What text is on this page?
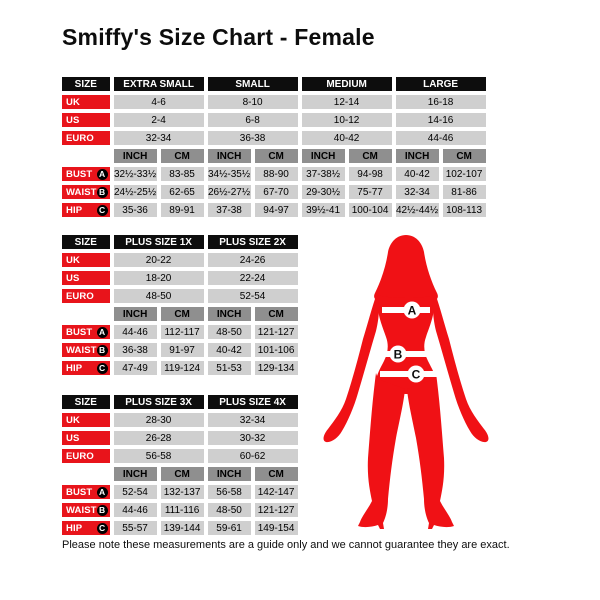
Smiffy's Size Chart - Female
SIZE	EXTRA SMALL		SMALL		MEDIUM		LARGE	

UK	4-6		8-10		12-14		16-18	

US	2-4		6-8		10-12		14-16	

EURO	32-34		36-38		40-42		44-46	
	INCH	CM	INCH	CM	INCH	CM	INCH	CM

BUST A	32½-33½	83-85	34½-35½	88-90	37-38½	94-98	40-42	102-107

WAIST B	24½-25½	62-65	26½-27½	67-70	29-30½	75-77	32-34	81-86

HIP C	35-36	89-91	37-38	94-97	39½-41	100-104	42½-44½	108-113
SIZE	PLUS SIZE 1X		PLUS SIZE 2X	

UK	20-22		24-26	

US	18-20		22-24	

EURO	48-50		52-54	
	INCH	CM	INCH	CM

BUST A	44-46	112-117	48-50	121-127

WAIST B	36-38	91-97	40-42	101-106

HIP C	47-49	119-124	51-53	129-134
SIZE	PLUS SIZE 3X		PLUS SIZE 4X	

UK	28-30		32-34	

US	26-28		30-32	

EURO	56-58		60-62	
	INCH	CM	INCH	CM

BUST A	52-54	132-137	56-58	142-147

WAIST B	44-46	111-116	48-50	121-127

HIP C	55-57	139-144	59-61	149-154
A
B
C

Please note these measurements are a guide only and we cannot guarantee they are exact.
